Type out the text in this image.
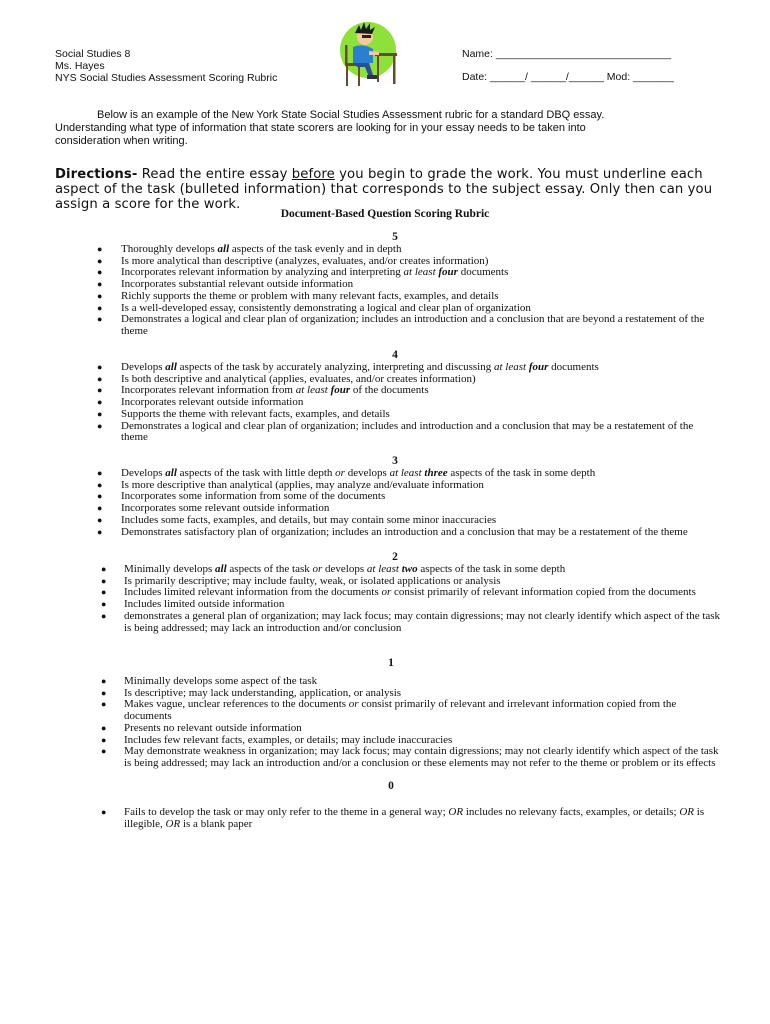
Social Studies 8
Ms. Hayes
NYS Social Studies Assessment Scoring Rubric
Name: ______________________________
Date: ______/ ______/______ Mod: _______
Below is an example of the New York State Social Studies Assessment rubric for a standard DBQ essay.
Understanding what type of information that state scorers are looking for in your essay needs to be taken into
consideration when writing.
Directions- Read the entire essay before you begin to grade the work. You must underline each aspect of the task (bulleted information) that corresponds to the subject essay. Only then can you assign a score for the work.
Document-Based Question Scoring Rubric
5
● Thoroughly develops all aspects of the task evenly and in depth
● Is more analytical than descriptive (analyzes, evaluates, and/or creates information)
● Incorporates relevant information by analyzing and interpreting at least four documents
● Incorporates substantial relevant outside information
● Richly supports the theme or problem with many relevant facts, examples, and details
● Is a well-developed essay, consistently demonstrating a logical and clear plan of organization
● Demonstrates a logical and clear plan of organization; includes an introduction and a conclusion that are beyond a restatement of the theme
4
● Develops all aspects of the task by accurately analyzing, interpreting and discussing at least four documents
● Is both descriptive and analytical (applies, evaluates, and/or creates information)
● Incorporates relevant information from at least four of the documents
● Incorporates relevant outside information
● Supports the theme with relevant facts, examples, and details
● Demonstrates a logical and clear plan of organization; includes and introduction and a conclusion that may be a restatement of the theme
3
● Develops all aspects of the task with little depth or develops at least three aspects of the task in some depth
● Is more descriptive than analytical (applies, may analyze and/evaluate information
● Incorporates some information from some of the documents
● Incorporates some relevant outside information
● Includes some facts, examples, and details, but may contain some minor inaccuracies
● Demonstrates satisfactory plan of organization; includes an introduction and a conclusion that may be a restatement of the theme
2
● Minimally develops all aspects of the task or develops at least two aspects of the task in some depth
● Is primarily descriptive; may include faulty, weak, or isolated applications or analysis
● Includes limited relevant information from the documents or consist primarily of relevant information copied from the documents
● Includes limited outside information
● demonstrates a general plan of organization; may lack focus; may contain digressions; may not clearly identify which aspect of the task is being addressed; may lack an introduction and/or conclusion
1
● Minimally develops some aspect of the task
● Is descriptive; may lack understanding, application, or analysis
● Makes vague, unclear references to the documents or consist primarily of relevant and irrelevant information copied from the documents
● Presents no relevant outside information
● Includes few relevant facts, examples, or details; may include inaccuracies
● May demonstrate weakness in organization; may lack focus; may contain digressions; may not clearly identify which aspect of the task is being addressed; may lack an introduction and/or a conclusion or these elements may not refer to the theme or problem or its effects
0
● Fails to develop the task or may only refer to the theme in a general way; OR includes no relevany facts, examples, or details; OR is illegible, OR is a blank paper
